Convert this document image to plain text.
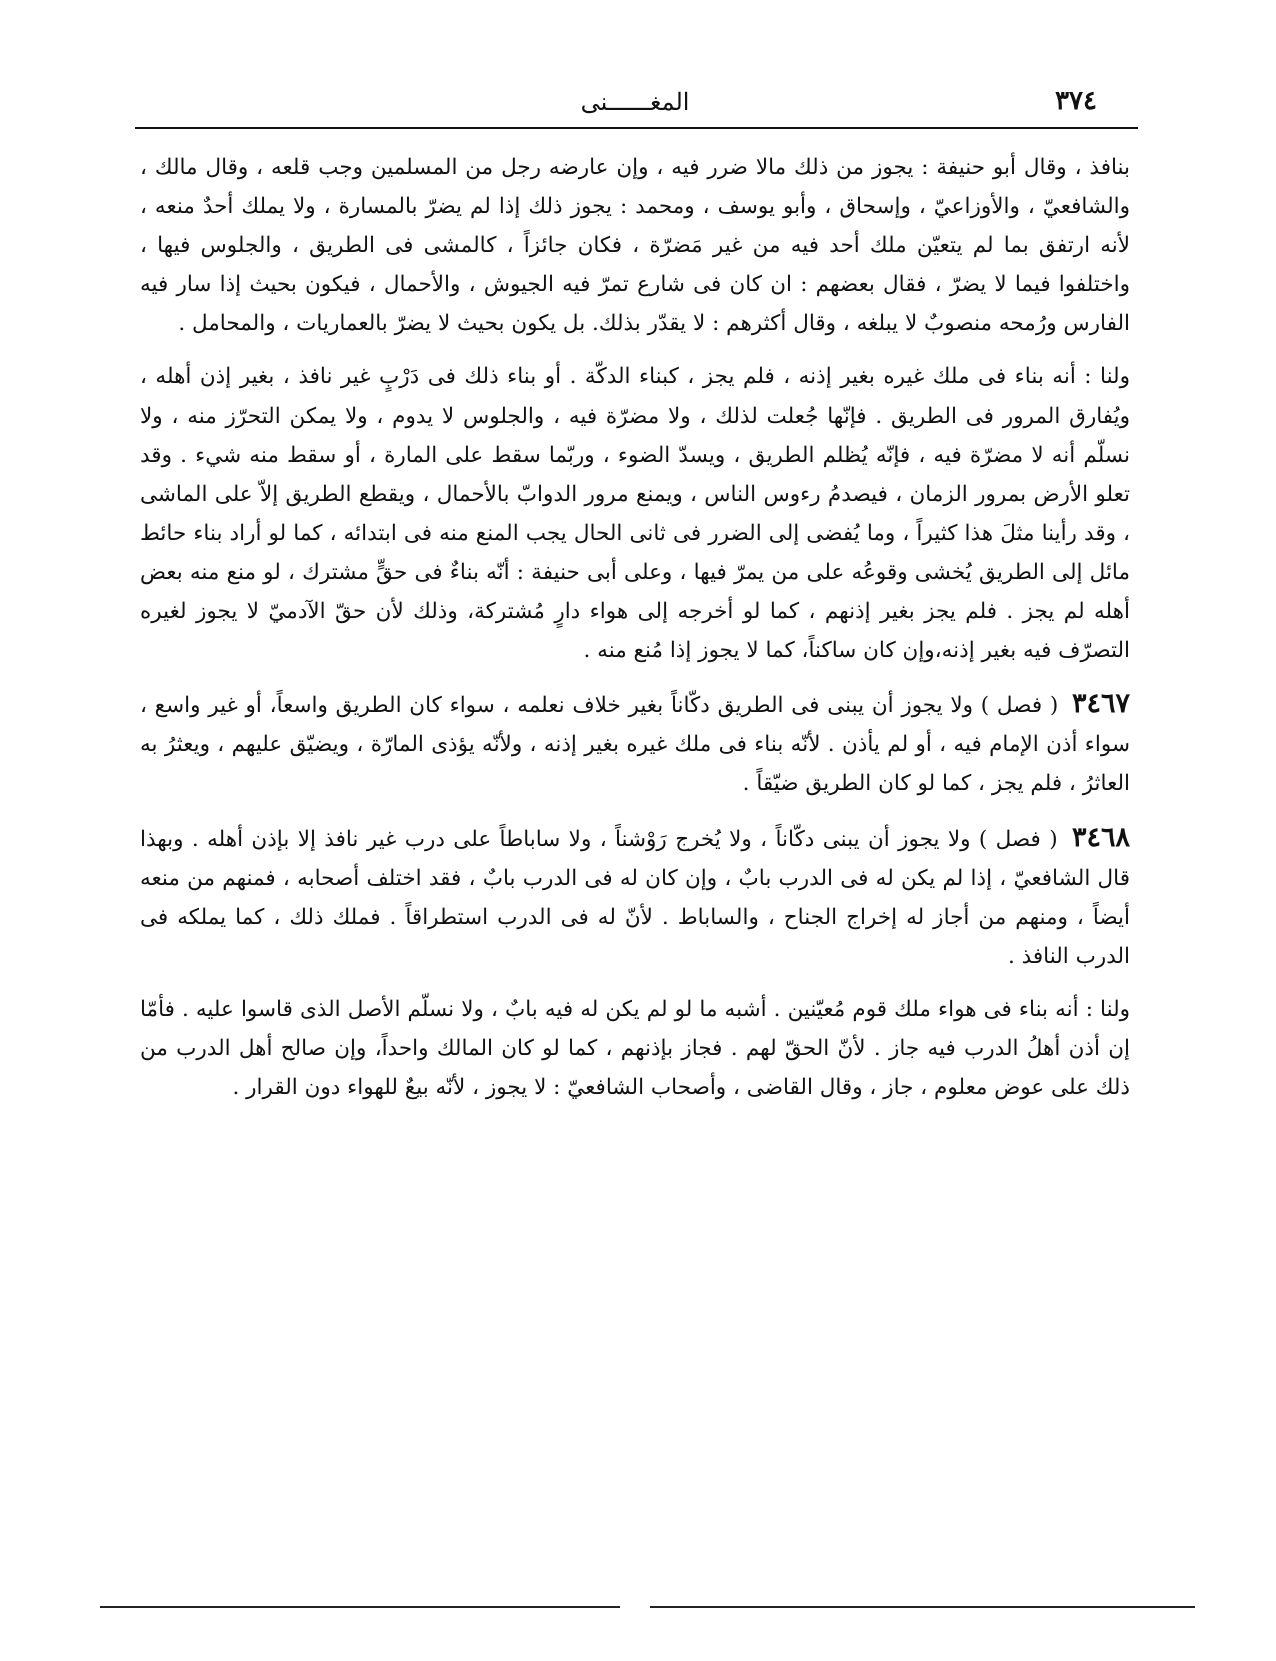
٣٧٤
المغــــــنى

بنافذ ، وقال أبو حنيفة : يجوز من ذلك مالا ضرر فيه ، وإن عارضه رجل من المسلمين وجب قلعه ، وقال مالك ، والشافعيّ ، والأوزاعيّ ، وإسحاق ، وأبو يوسف ، ومحمد : يجوز ذلك إذا لم يضرّ بالمسارة ، ولا يملك أحدٌ منعه ، لأنه ارتفق بما لم يتعيّن ملك أحد فيه من غير مَضرّة ، فكان جائزاً ، كالمشى فى الطريق ، والجلوس فيها ، واختلفوا فيما لا يضرّ ، فقال بعضهم : ان كان فى شارع تمرّ فيه الجيوش ، والأحمال ، فيكون بحيث إذا سار فيه الفارس ورُمحه منصوبٌ لا يبلغه ، وقال أكثرهم : لا يقدّر بذلك. بل يكون بحيث لا يضرّ بالعماريات ، والمحامل .

ولنا : أنه بناء فى ملك غيره بغير إذنه ، فلم يجز ، كبناء الدكّة . أو بناء ذلك فى دَرْبٍ غير نافذ ، بغير إذن أهله ، ويُفارق المرور فى الطريق . فإنّها جُعلت لذلك ، ولا مضرّة فيه ، والجلوس لا يدوم ، ولا يمكن التحرّز منه ، ولا نسلّم أنه لا مضرّة فيه ، فإنّه يُظلم الطريق ، ويسدّ الضوء ، وربّما سقط على المارة ، أو سقط منه شيء . وقد تعلو الأرض بمرور الزمان ، فيصدمُ رءوس الناس ، ويمنع مرور الدوابّ بالأحمال ، ويقطع الطريق إلاّ على الماشى ، وقد رأينا مثلَ هذا كثيراً ، وما يُفضى إلى الضرر فى ثانى الحال يجب المنع منه فى ابتدائه ، كما لو أراد بناء حائط مائل إلى الطريق يُخشى وقوعُه على من يمرّ فيها ، وعلى أبى حنيفة : أنّه بناءٌ فى حقٍّ مشترك ، لو منع منه بعض أهله لم يجز . فلم يجز بغير إذنهم ، كما لو أخرجه إلى هواء دارٍ مُشتركة، وذلك لأن حقّ الآدميّ لا يجوز لغيره التصرّف فيه بغير إذنه،وإن كان ساكناً، كما لا يجوز إذا مُنع منه .

٣٤٦٧ ( فصل ) ولا يجوز أن يبنى فى الطريق دكّاناً بغير خلاف نعلمه ، سواء كان الطريق واسعاً، أو غير واسع ، سواء أذن الإمام فيه ، أو لم يأذن . لأنّه بناء فى ملك غيره بغير إذنه ، ولأنّه يؤذى المارّة ، ويضيّق عليهم ، ويعثرُ به العاثرُ ، فلم يجز ، كما لو كان الطريق ضيّقاً .

٣٤٦٨ ( فصل ) ولا يجوز أن يبنى دكّاناً ، ولا يُخرج رَوْشناً ، ولا ساباطاً على درب غير نافذ إلا بإذن أهله . وبهذا قال الشافعيّ ، إذا لم يكن له فى الدرب بابٌ ، وإن كان له فى الدرب بابٌ ، فقد اختلف أصحابه ، فمنهم من منعه أيضاً ، ومنهم من أجاز له إخراج الجناح ، والساباط . لأنّ له فى الدرب استطراقاً . فملك ذلك ، كما يملكه فى الدرب النافذ .

ولنا : أنه بناء فى هواء ملك قوم مُعيّنين . أشبه ما لو لم يكن له فيه بابٌ ، ولا نسلّم الأصل الذى قاسوا عليه . فأمّا إن أذن أهلُ الدرب فيه جاز . لأنّ الحقّ لهم . فجاز بإذنهم ، كما لو كان المالك واحداً، وإن صالح أهل الدرب من ذلك على عوض معلوم ، جاز ، وقال القاضى ، وأصحاب الشافعيّ : لا يجوز ، لأنّه بيعٌ للهواء دون القرار .
